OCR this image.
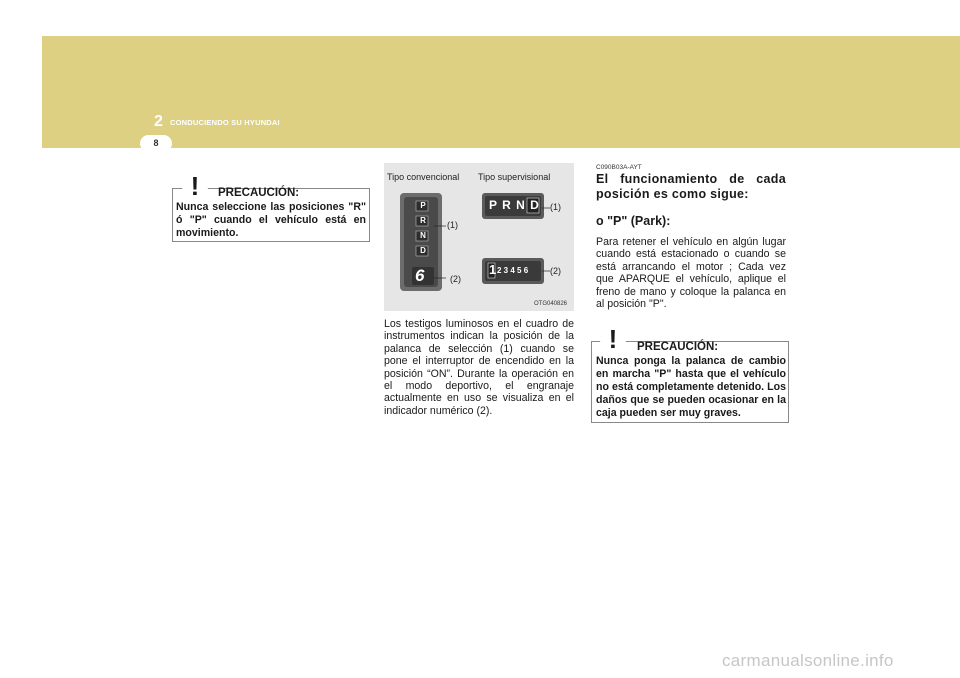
2 CONDUCIENDO SU HYUNDAI
8
! PRECAUCIÓN:
Nunca seleccione las posiciones "R" ó "P" cuando el vehículo está en movimiento.
Tipo convencional Tipo supervisional
P
R
N
D
6
P R N D
1 2 3 4 5 6
(1)
(2)
(1)
(2)
OTG040826
Los testigos luminosos en el cuadro de instrumentos indican la posición de la palanca de selección (1) cuando se pone el interruptor de encendido en la posición “ON”. Durante la operación en el modo deportivo, el engranaje actualmente en uso se visualiza en el indicador numérico (2).
C090B03A-AYT
El funcionamiento de cada posición es como sigue:
o "P" (Park):
Para retener el vehículo en algún lugar cuando está estacionado o cuando se está arrancando el motor ; Cada vez que APARQUE el vehículo, aplique el freno de mano y coloque la palanca en al posición "P".
! PRECAUCIÓN:
Nunca ponga la palanca de cambio en marcha "P" hasta que el vehículo no está completamente detenido. Los daños que se pueden ocasionar en la caja pueden ser muy graves.
carmanualsonline.info
